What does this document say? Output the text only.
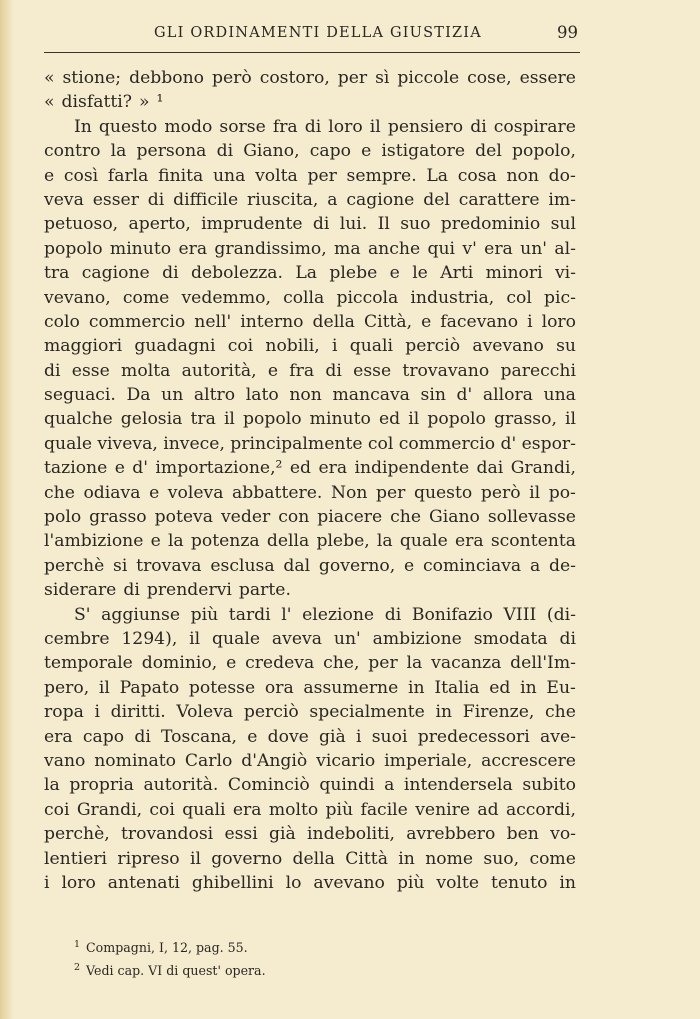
GLI ORDINAMENTI DELLA GIUSTIZIA	99
« stione; debbono però costoro, per sì piccole cose, essere
« disfatti? » ¹
In questo modo sorse fra di loro il pensiero di cospirare
contro la persona di Giano, capo e istigatore del popolo,
e così farla finita una volta per sempre. La cosa non do-
veva esser di difficile riuscita, a cagione del carattere im-
petuoso, aperto, imprudente di lui. Il suo predominio sul
popolo minuto era grandissimo, ma anche qui v' era un' al-
tra cagione di debolezza. La plebe e le Arti minori vi-
vevano, come vedemmo, colla piccola industria, col pic-
colo commercio nell' interno della Città, e facevano i loro
maggiori guadagni coi nobili, i quali perciò avevano su
di esse molta autorità, e fra di esse trovavano parecchi
seguaci. Da un altro lato non mancava sin d' allora una
qualche gelosia tra il popolo minuto ed il popolo grasso, il
quale viveva, invece, principalmente col commercio d' espor-
tazione e d' importazione,² ed era indipendente dai Grandi,
che odiava e voleva abbattere. Non per questo però il po-
polo grasso poteva veder con piacere che Giano sollevasse
l'ambizione e la potenza della plebe, la quale era scontenta
perchè si trovava esclusa dal governo, e cominciava a de-
siderare di prendervi parte.
S' aggiunse più tardi l' elezione di Bonifazio VIII (di-
cembre 1294), il quale aveva un' ambizione smodata di
temporale dominio, e credeva che, per la vacanza dell'Im-
pero, il Papato potesse ora assumerne in Italia ed in Eu-
ropa i diritti. Voleva perciò specialmente in Firenze, che
era capo di Toscana, e dove già i suoi predecessori ave-
vano nominato Carlo d'Angiò vicario imperiale, accrescere
la propria autorità. Cominciò quindi a intendersela subito
coi Grandi, coi quali era molto più facile venire ad accordi,
perchè, trovandosi essi già indeboliti, avrebbero ben vo-
lentieri ripreso il governo della Città in nome suo, come
i loro antenati ghibellini lo avevano più volte tenuto in
$^1$ Compagni, I, 12, pag. 55.
$^2$ Vedi cap. VI di quest' opera.
